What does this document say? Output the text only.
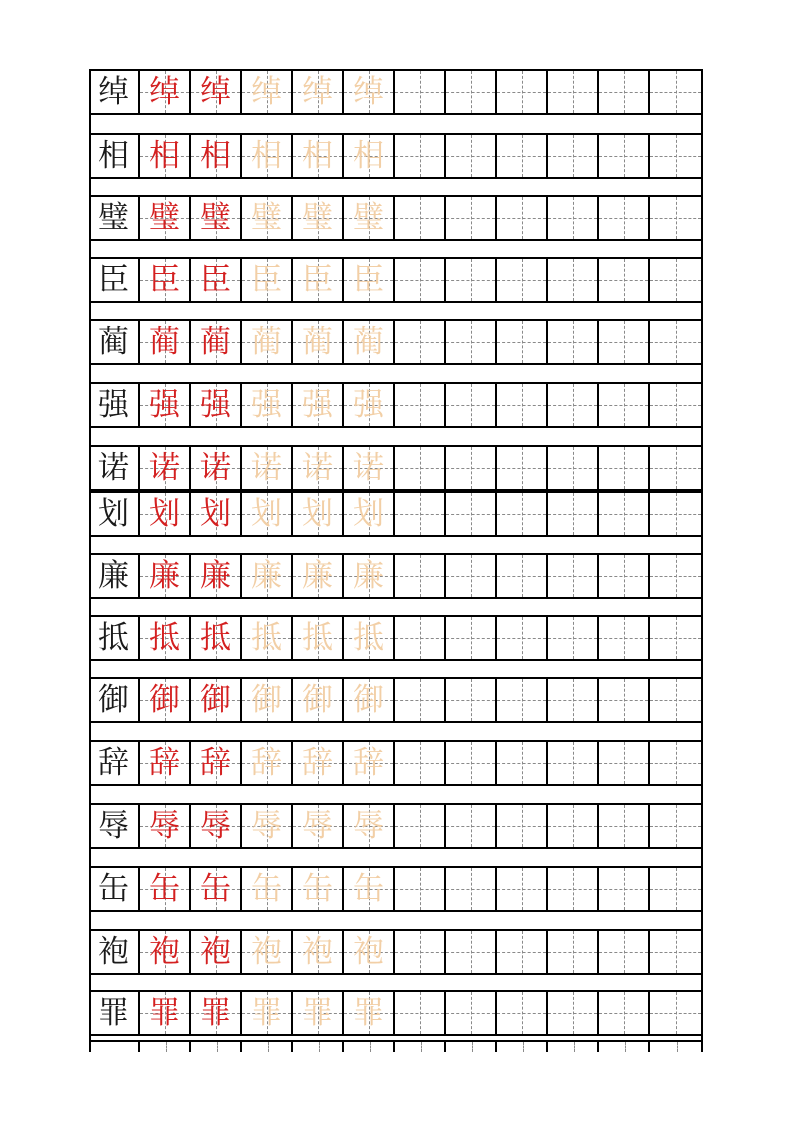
绰 绰 绰 绰 绰 绰
相 相 相 相 相 相
璧 璧 璧 璧 璧 璧
臣 臣 臣 臣 臣 臣
蔺 蔺 蔺 蔺 蔺 蔺
强 强 强 强 强 强
诺 诺 诺 诺 诺 诺
划 划 划 划 划 划
廉 廉 廉 廉 廉 廉
抵 抵 抵 抵 抵 抵
御 御 御 御 御 御
辞 辞 辞 辞 辞 辞
辱 辱 辱 辱 辱 辱
缶 缶 缶 缶 缶 缶
袍 袍 袍 袍 袍 袍
罪 罪 罪 罪 罪 罪
